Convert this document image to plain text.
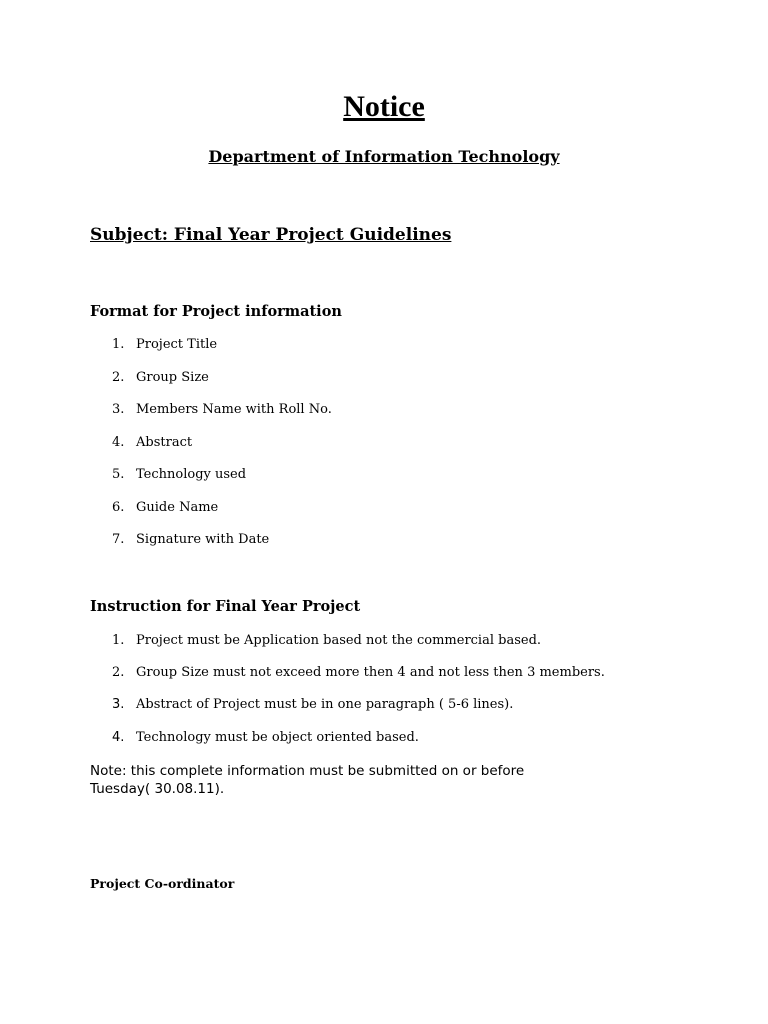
Notice
Department of Information Technology
Subject: Final Year Project Guidelines
Format for Project information
1. Project Title
2. Group Size
3. Members Name with Roll No.
4. Abstract
5. Technology used
6. Guide Name
7. Signature with Date
Instruction for Final Year Project
1. Project must be Application based not the commercial based.
2. Group Size must not exceed more then 4 and not less then 3 members.
3. Abstract of Project must be in one paragraph ( 5-6 lines).
4. Technology must be object oriented based.

Note: this complete information must be submitted on or before Tuesday( 30.08.11).

Project Co-ordinator
